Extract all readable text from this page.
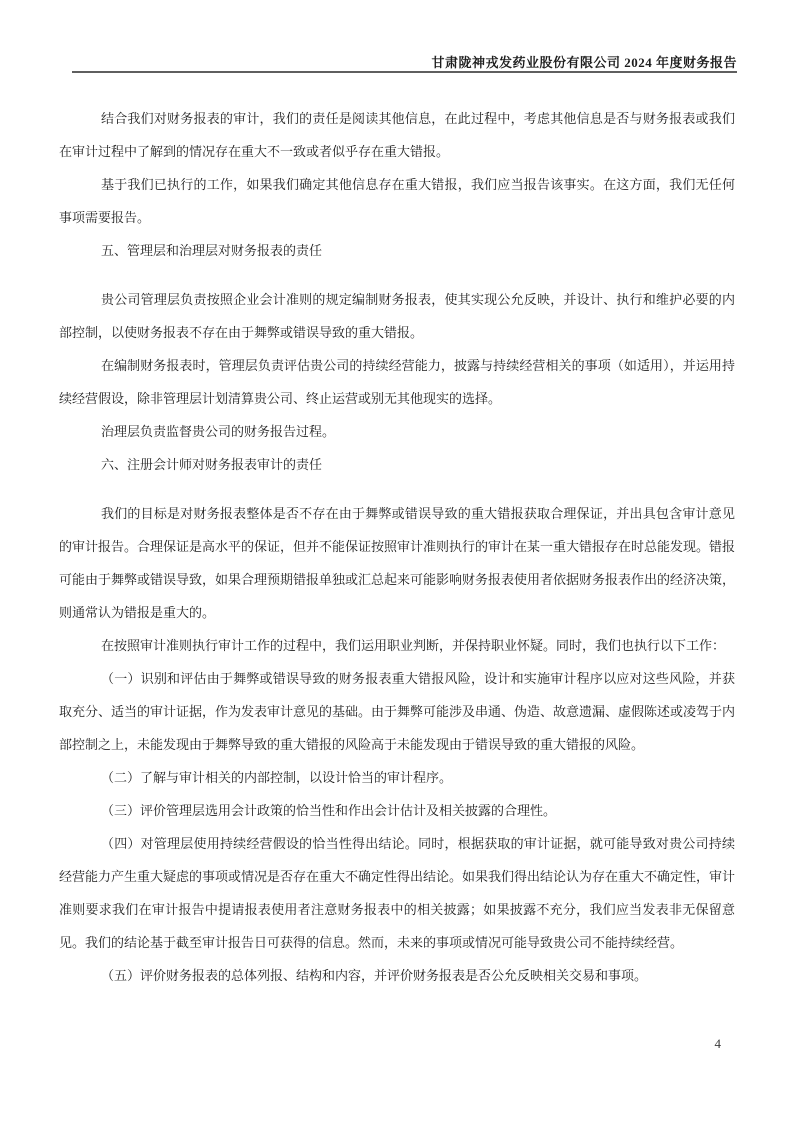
甘肃陇神戎发药业股份有限公司 2024 年度财务报告

结合我们对财务报表的审计，我们的责任是阅读其他信息，在此过程中，考虑其他信息是否与财务报表或我们在审计过程中了解到的情况存在重大不一致或者似乎存在重大错报。

基于我们已执行的工作，如果我们确定其他信息存在重大错报，我们应当报告该事实。在这方面，我们无任何事项需要报告。

五、管理层和治理层对财务报表的责任

贵公司管理层负责按照企业会计准则的规定编制财务报表，使其实现公允反映，并设计、执行和维护必要的内部控制，以使财务报表不存在由于舞弊或错误导致的重大错报。

在编制财务报表时，管理层负责评估贵公司的持续经营能力，披露与持续经营相关的事项（如适用），并运用持续经营假设，除非管理层计划清算贵公司、终止运营或别无其他现实的选择。

治理层负责监督贵公司的财务报告过程。

六、注册会计师对财务报表审计的责任

我们的目标是对财务报表整体是否不存在由于舞弊或错误导致的重大错报获取合理保证，并出具包含审计意见的审计报告。合理保证是高水平的保证，但并不能保证按照审计准则执行的审计在某一重大错报存在时总能发现。错报可能由于舞弊或错误导致，如果合理预期错报单独或汇总起来可能影响财务报表使用者依据财务报表作出的经济决策，则通常认为错报是重大的。

在按照审计准则执行审计工作的过程中，我们运用职业判断，并保持职业怀疑。同时，我们也执行以下工作：

（一）识别和评估由于舞弊或错误导致的财务报表重大错报风险，设计和实施审计程序以应对这些风险，并获取充分、适当的审计证据，作为发表审计意见的基础。由于舞弊可能涉及串通、伪造、故意遗漏、虚假陈述或凌驾于内部控制之上，未能发现由于舞弊导致的重大错报的风险高于未能发现由于错误导致的重大错报的风险。

（二）了解与审计相关的内部控制，以设计恰当的审计程序。

（三）评价管理层选用会计政策的恰当性和作出会计估计及相关披露的合理性。

（四）对管理层使用持续经营假设的恰当性得出结论。同时，根据获取的审计证据，就可能导致对贵公司持续经营能力产生重大疑虑的事项或情况是否存在重大不确定性得出结论。如果我们得出结论认为存在重大不确定性，审计准则要求我们在审计报告中提请报表使用者注意财务报表中的相关披露；如果披露不充分，我们应当发表非无保留意见。我们的结论基于截至审计报告日可获得的信息。然而，未来的事项或情况可能导致贵公司不能持续经营。

（五）评价财务报表的总体列报、结构和内容，并评价财务报表是否公允反映相关交易和事项。

4
